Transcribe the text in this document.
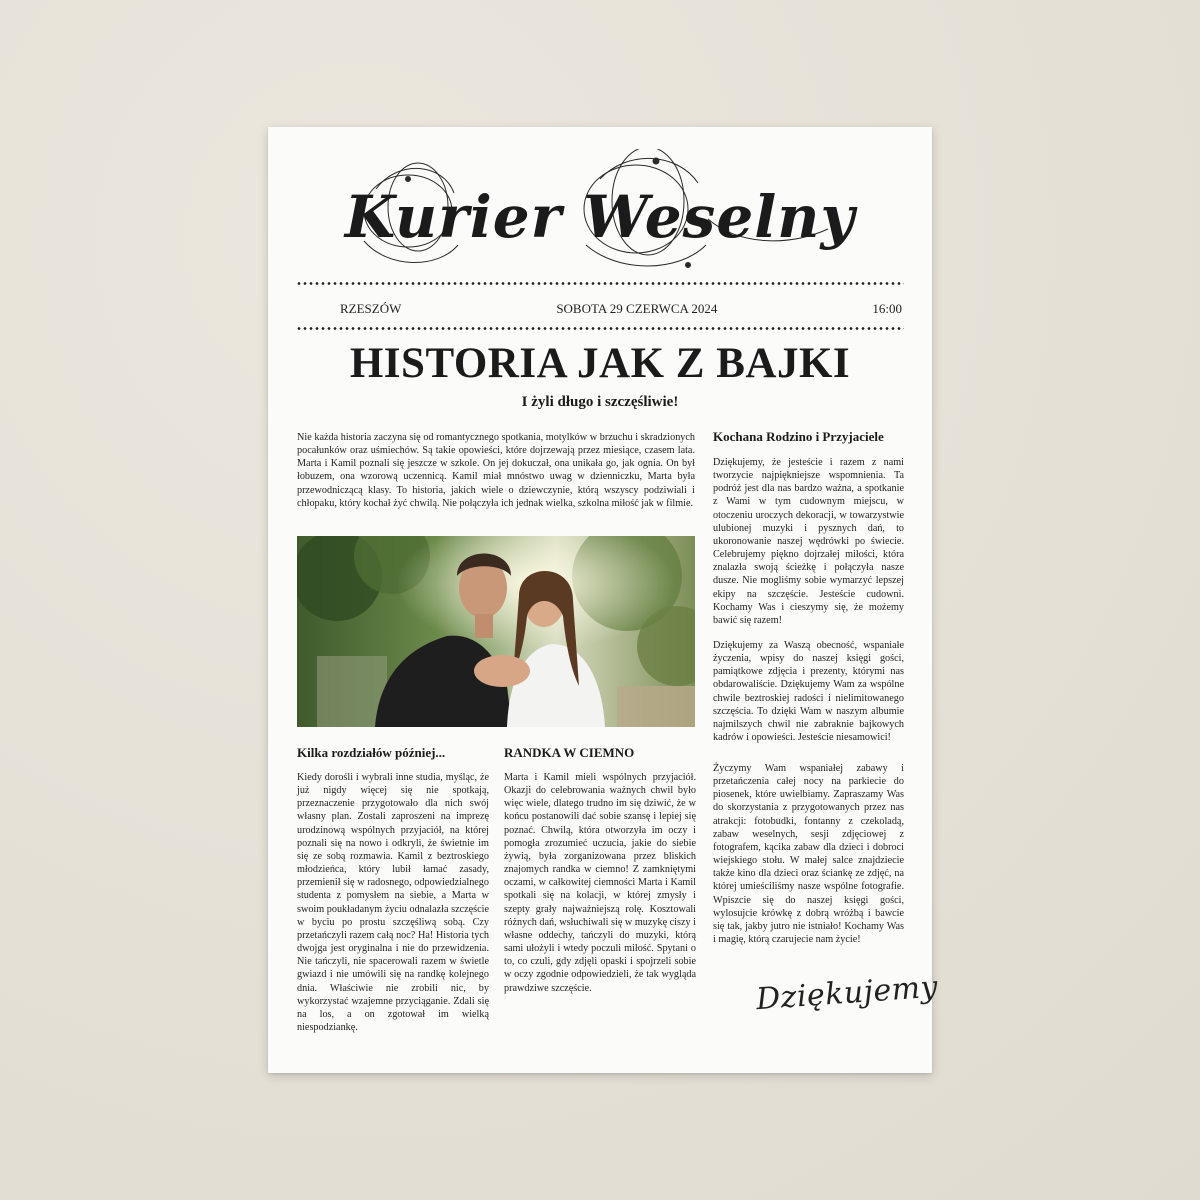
Kurier Weselny
RZESZÓW	SOBOTA 29 CZERWCA 2024	16:00
HISTORIA JAK Z BAJKI
I żyli długo i szczęśliwie!

Nie każda historia zaczyna się od romantycznego spotkania, motylków w brzuchu i skradzionych pocałunków oraz uśmiechów. Są takie opowieści, które dojrzewają przez miesiące, czasem lata. Marta i Kamil poznali się jeszcze w szkole. On jej dokuczał, ona unikała go, jak ognia. On był łobuzem, ona wzorową uczennicą. Kamil miał mnóstwo uwag w dzienniczku, Marta była przewodniczącą klasy. To historia, jakich wiele o dziewczynie, którą wszyscy podziwiali i chłopaku, który kochał żyć chwilą. Nie połączyła ich jednak wielka, szkolna miłość jak w filmie.

Kilka rozdziałów później...

Kiedy dorośli i wybrali inne studia, myśląc, że już nigdy więcej się nie spotkają, przeznaczenie przygotowało dla nich swój własny plan. Zostali zaproszeni na imprezę urodzinową wspólnych przyjaciół, na której poznali się na nowo i odkryli, że świetnie im się ze sobą rozmawia. Kamil z beztroskiego młodzieńca, który lubił łamać zasady, przemienił się w radosnego, odpowiedzialnego studenta z pomysłem na siebie, a Marta w swoim poukładanym życiu odnalazła szczęście w byciu po prostu szczęśliwą sobą. Czy przetańczyli razem całą noc? Ha! Historia tych dwojga jest oryginalna i nie do przewidzenia. Nie tańczyli, nie spacerowali razem w świetle gwiazd i nie umówili się na randkę kolejnego dnia. Właściwie nie zrobili nic, by wykorzystać wzajemne przyciąganie. Zdali się na los, a on zgotował im wielką niespodziankę.

RANDKA W CIEMNO

Marta i Kamil mieli wspólnych przyjaciół. Okazji do celebrowania ważnych chwil było więc wiele, dlatego trudno im się dziwić, że w końcu postanowili dać sobie szansę i lepiej się poznać. Chwilą, która otworzyła im oczy i pomogła zrozumieć uczucia, jakie do siebie żywią, była zorganizowana przez bliskich znajomych randka w ciemno! Z zamkniętymi oczami, w całkowitej ciemności Marta i Kamil spotkali się na kolacji, w której zmysły i szepty grały najważniejszą rolę. Kosztowali różnych dań, wsłuchiwali się w muzykę ciszy i własne oddechy, tańczyli do muzyki, którą sami ułożyli i wtedy poczuli miłość. Spytani o to, co czuli, gdy zdjęli opaski i spojrzeli sobie w oczy zgodnie odpowiedzieli, że tak wygląda prawdziwe szczęście.

Kochana Rodzino i Przyjaciele

Dziękujemy, że jesteście i razem z nami tworzycie najpiękniejsze wspomnienia. Ta podróż jest dla nas bardzo ważna, a spotkanie z Wami w tym cudownym miejscu, w otoczeniu uroczych dekoracji, w towarzystwie ulubionej muzyki i pysznych dań, to ukoronowanie naszej wędrówki po świecie. Celebrujemy piękno dojrzałej miłości, która znalazła swoją ścieżkę i połączyła nasze dusze. Nie mogliśmy sobie wymarzyć lepszej ekipy na szczęście. Jesteście cudowni. Kochamy Was i cieszymy się, że możemy bawić się razem!

Dziękujemy za Waszą obecność, wspaniałe życzenia, wpisy do naszej księgi gości, pamiątkowe zdjęcia i prezenty, którymi nas obdarowaliście. Dziękujemy Wam za wspólne chwile beztroskiej radości i nielimitowanego szczęścia. To dzięki Wam w naszym albumie najmilszych chwil nie zabraknie bajkowych kadrów i opowieści. Jesteście niesamowici!

Życzymy Wam wspaniałej zabawy i przetańczenia całej nocy na parkiecie do piosenek, które uwielbiamy. Zapraszamy Was do skorzystania z przygotowanych przez nas atrakcji: fotobudki, fontanny z czekoladą, zabaw weselnych, sesji zdjęciowej z fotografem, kącika zabaw dla dzieci i dobroci wiejskiego stołu. W małej salce znajdziecie także kino dla dzieci oraz ściankę ze zdjęć, na której umieściliśmy nasze wspólne fotografie. Wpiszcie się do naszej księgi gości, wylosujcie krówkę z dobrą wróżbą i bawcie się tak, jakby jutro nie istniało! Kochamy Was i magię, którą czarujecie nam życie!

Dziękujemy
